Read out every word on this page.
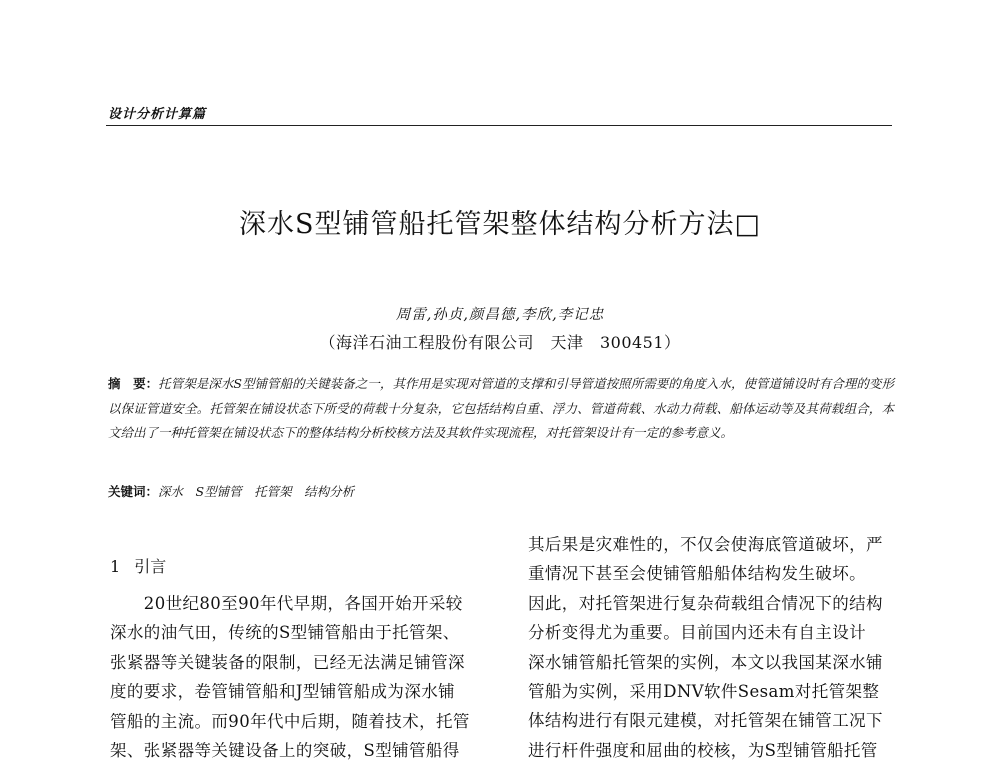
设计分析计算篇
深水S型铺管船托管架整体结构分析方法□
周雷,孙贞,颜昌德,李欣,李记忠
（海洋石油工程股份有限公司　天津　300451）
摘　要：托管架是深水S型铺管船的关键装备之一，其作用是实现对管道的支撑和引导管道按照所需要的角度入水，使管道铺设时有合理的变形以保证管道安全。托管架在铺设状态下所受的荷载十分复杂，它包括结构自重、浮力、管道荷载、水动力荷载、船体运动等及其荷载组合，本文给出了一种托管架在铺设状态下的整体结构分析校核方法及其软件实现流程，对托管架设计有一定的参考意义。
关键词：深水　S型铺管　托管架　结构分析
1 引言
　　20世纪80至90年代早期，各国开始开采较
深水的油气田，传统的S型铺管船由于托管架、
张紧器等关键装备的限制，已经无法满足铺管深
度的要求，卷管铺管船和J型铺管船成为深水铺
管船的主流。而90年代中后期，随着技术，托管
架、张紧器等关键设备上的突破，S型铺管船得
其后果是灾难性的，不仅会使海底管道破坏，严
重情况下甚至会使铺管船船体结构发生破坏。
因此，对托管架进行复杂荷载组合情况下的结构
分析变得尤为重要。目前国内还未有自主设计
深水铺管船托管架的实例，本文以我国某深水铺
管船为实例，采用DNV软件Sesam对托管架整
体结构进行有限元建模，对托管架在铺管工况下
进行杆件强度和屈曲的校核，为S型铺管船托管
